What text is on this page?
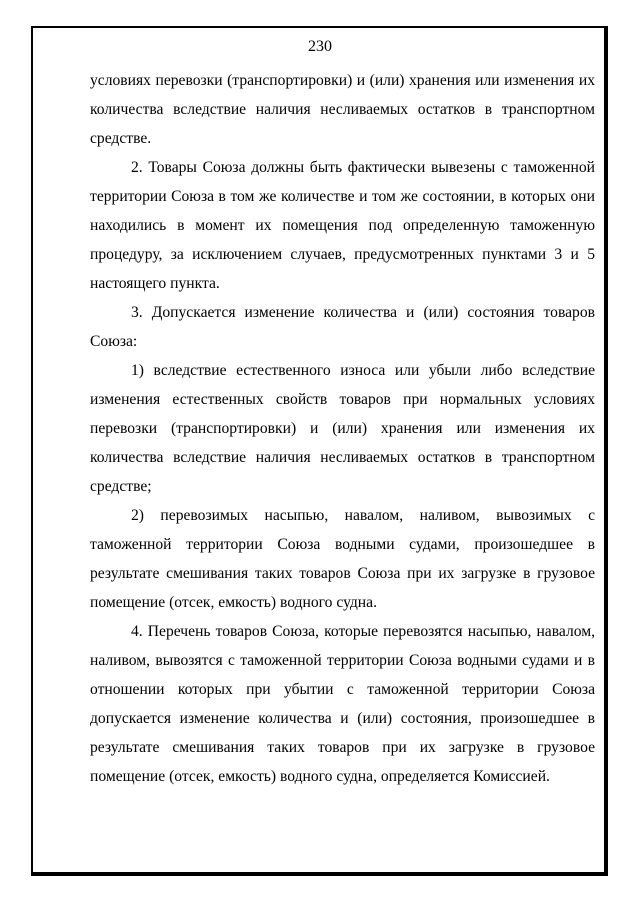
230

условиях перевозки (транспортировки) и (или) хранения или изменения их количества вследствие наличия несливаемых остатков в транспортном средстве.

2. Товары Союза должны быть фактически вывезены с таможенной территории Союза в том же количестве и том же состоянии, в которых они находились в момент их помещения под определенную таможенную процедуру, за исключением случаев, предусмотренных пунктами 3 и 5 настоящего пункта.

3. Допускается изменение количества и (или) состояния товаров Союза:

1) вследствие естественного износа или убыли либо вследствие изменения естественных свойств товаров при нормальных условиях перевозки (транспортировки) и (или) хранения или изменения их количества вследствие наличия несливаемых остатков в транспортном средстве;

2) перевозимых насыпью, навалом, наливом, вывозимых с таможенной территории Союза водными судами, произошедшее в результате смешивания таких товаров Союза при их загрузке в грузовое помещение (отсек, емкость) водного судна.

4. Перечень товаров Союза, которые перевозятся насыпью, навалом, наливом, вывозятся с таможенной территории Союза водными судами и в отношении которых при убытии с таможенной территории Союза допускается изменение количества и (или) состояния, произошедшее в результате смешивания таких товаров при их загрузке в грузовое помещение (отсек, емкость) водного судна, определяется Комиссией.
